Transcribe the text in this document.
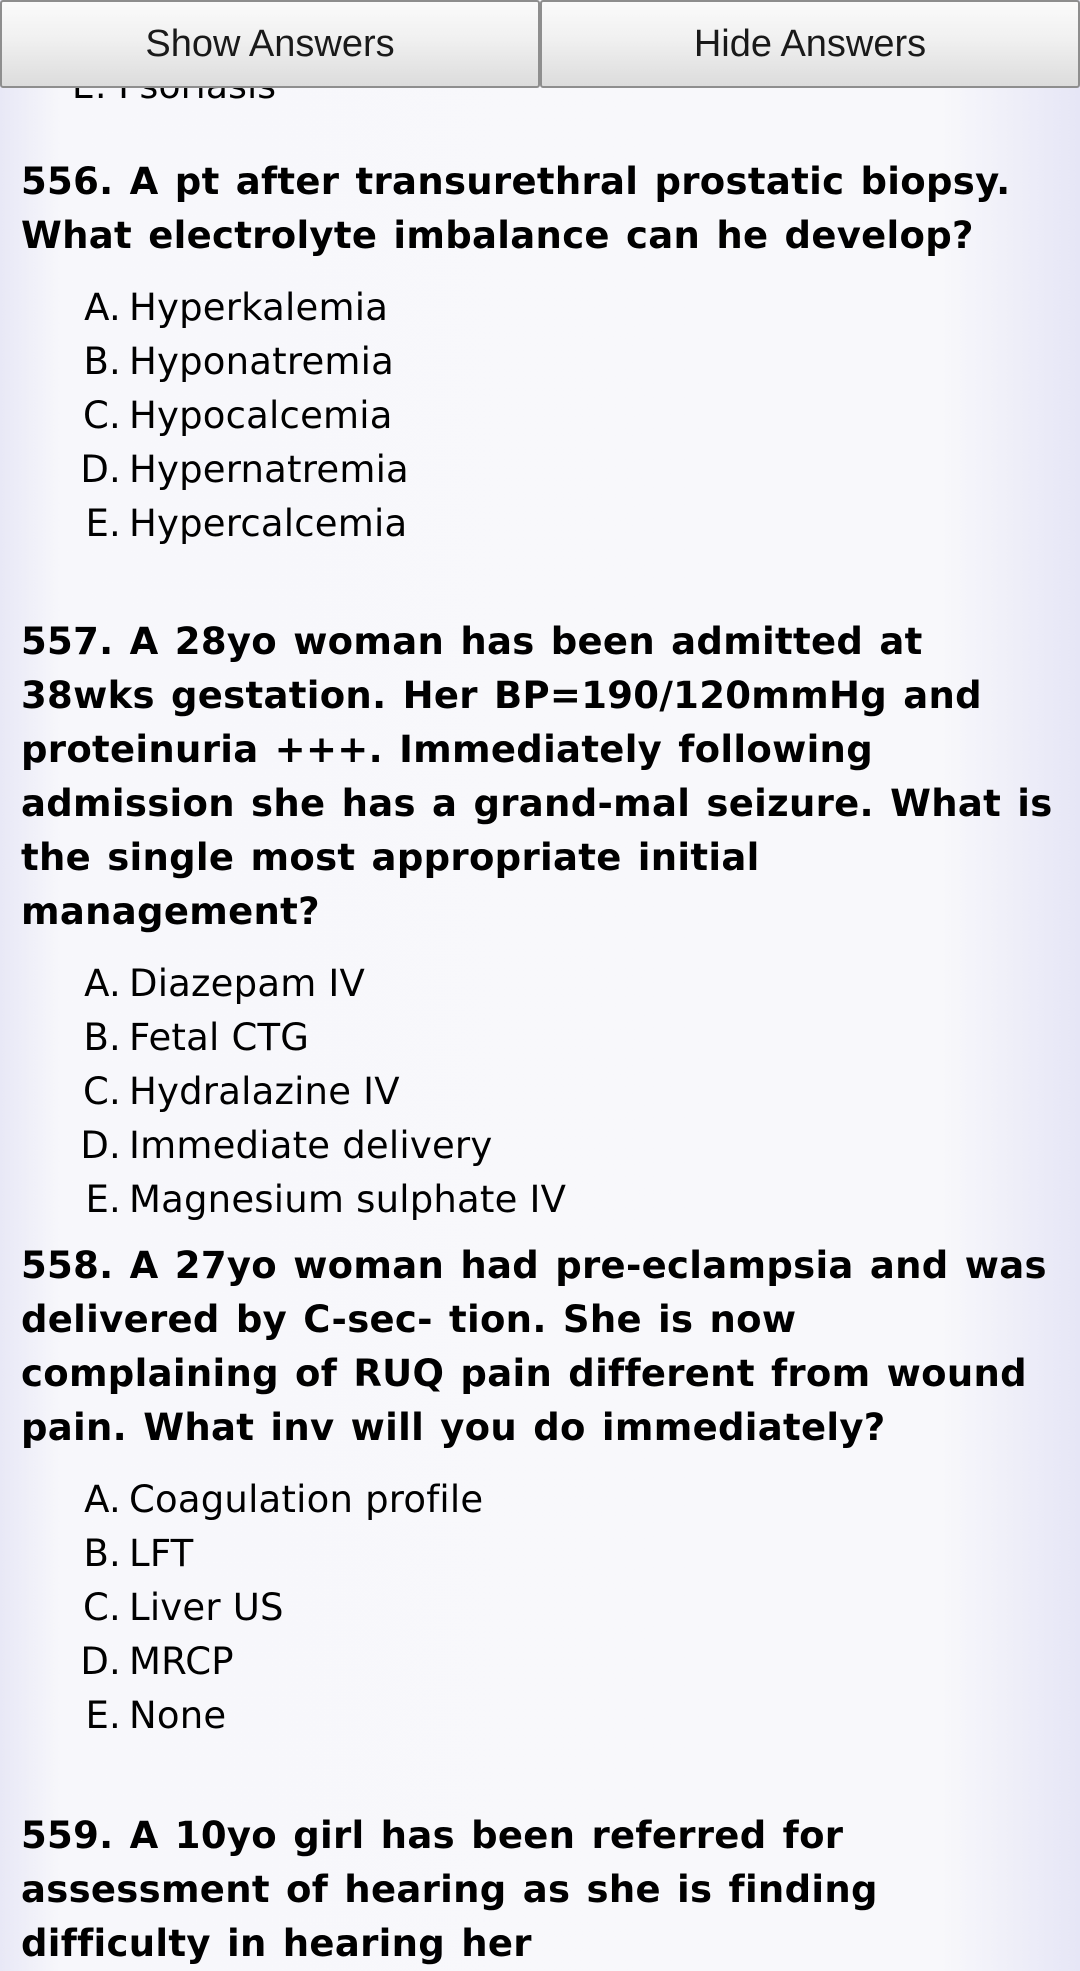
Show Answers	Hide Answers

556. A pt after transurethral prostatic biopsy. What electrolyte imbalance can he develop?

A. Hyperkalemia
B. Hyponatremia
C. Hypocalcemia
D. Hypernatremia
E. Hypercalcemia

557. A 28yo woman has been admitted at 38wks gestation. Her BP=190/120mmHg and proteinuria +++. Immediately following admission she has a grand-mal seizure. What is the single most appropriate initial management?

A. Diazepam IV
B. Fetal CTG
C. Hydralazine IV
D. Immediate delivery
E. Magnesium sulphate IV

558. A 27yo woman had pre-eclampsia and was delivered by C-sec- tion. She is now complaining of RUQ pain different from wound pain. What inv will you do immediately?

A. Coagulation profile
B. LFT
C. Liver US
D. MRCP
E. None

559. A 10yo girl has been referred for assessment of hearing as she is finding difficulty in hearing her
